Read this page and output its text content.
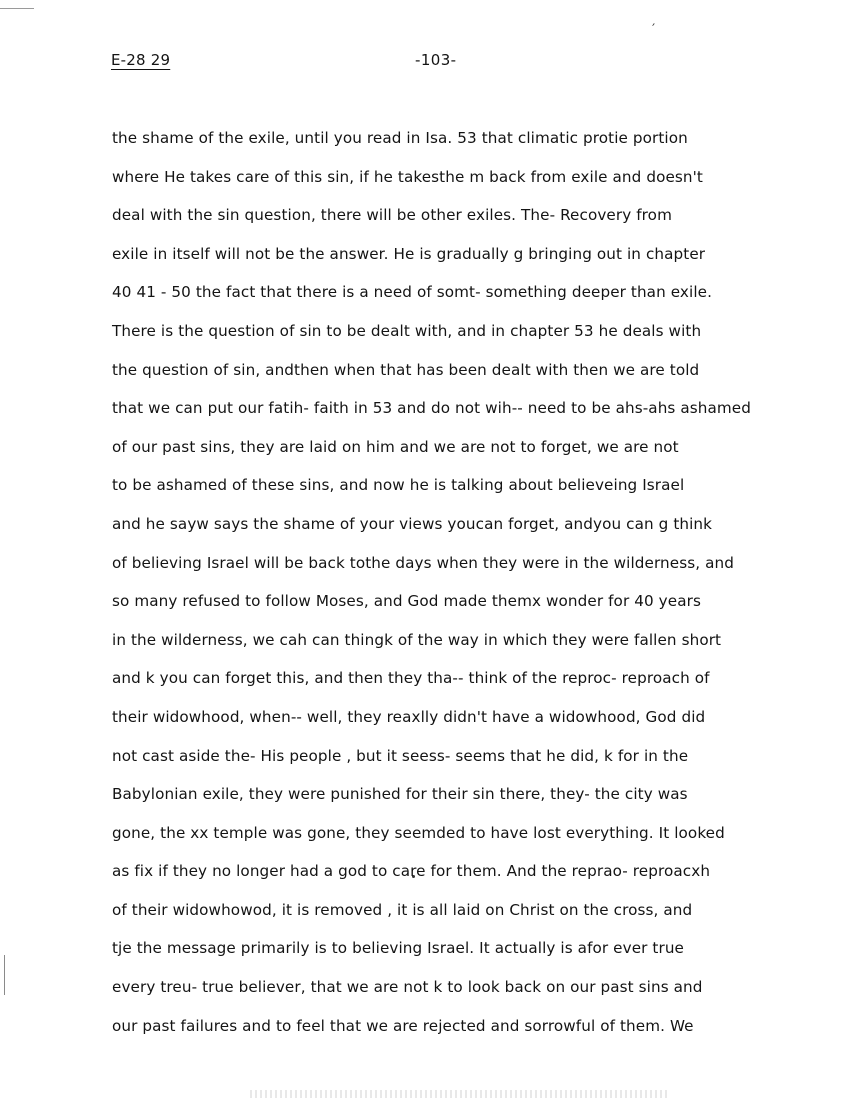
′
E-28 29	-103-
the shame of the exile, until you read in Isa. 53 that climatic protie portion
where He takes care of this sin, if he takesthe m back from exile and doesn't
deal with the sin question, there will be other exiles. The- Recovery from
exile in itself will not be the answer. He is gradually g bringing out in chapter
40 41 - 50 the fact that there is a need of somt- something deeper than exile.
There is the question of sin to be dealt with, and in chapter 53 he deals with
the question of sin, andthen when that has been dealt with then we are told
that we can put our fatih- faith in 53 and do not wih-- need to be ahs-ahs ashamed
of our past sins, they are laid on him and we are not to forget, we are not
to be ashamed of these sins, and now he is talking about believeing Israel
and he sayw says the shame of your views youcan forget, andyou can g think
of believing Israel will be back tothe days when they were in the wilderness, and
so many refused to follow Moses, and God made themx wonder for 40 years
in the wilderness, we cah can thingk of the way in which they were fallen short
and k you can forget this, and then they tha-- think of the reproc- reproach of
their widowhood, when-- well, they reaxlly didn't have a widowhood, God did
not cast aside the- His people , but it seess- seems that he did, k for in the
Babylonian exile, they were punished for their sin there, they- the city was
gone, the xx temple was gone, they seemded to have lost everything. It looked
as fix if they no longer had a god to care for them. And the reprao- reproacxh
of their widowhowod, it is removed , it is all laid on Christ on the cross, and
tje the message primarily is to believing Israel. It actually is afor ever true
every treu- true believer, that we are not k to look back on our past sins and
our past failures and to feel that we are rejected and sorrowful of them. We
